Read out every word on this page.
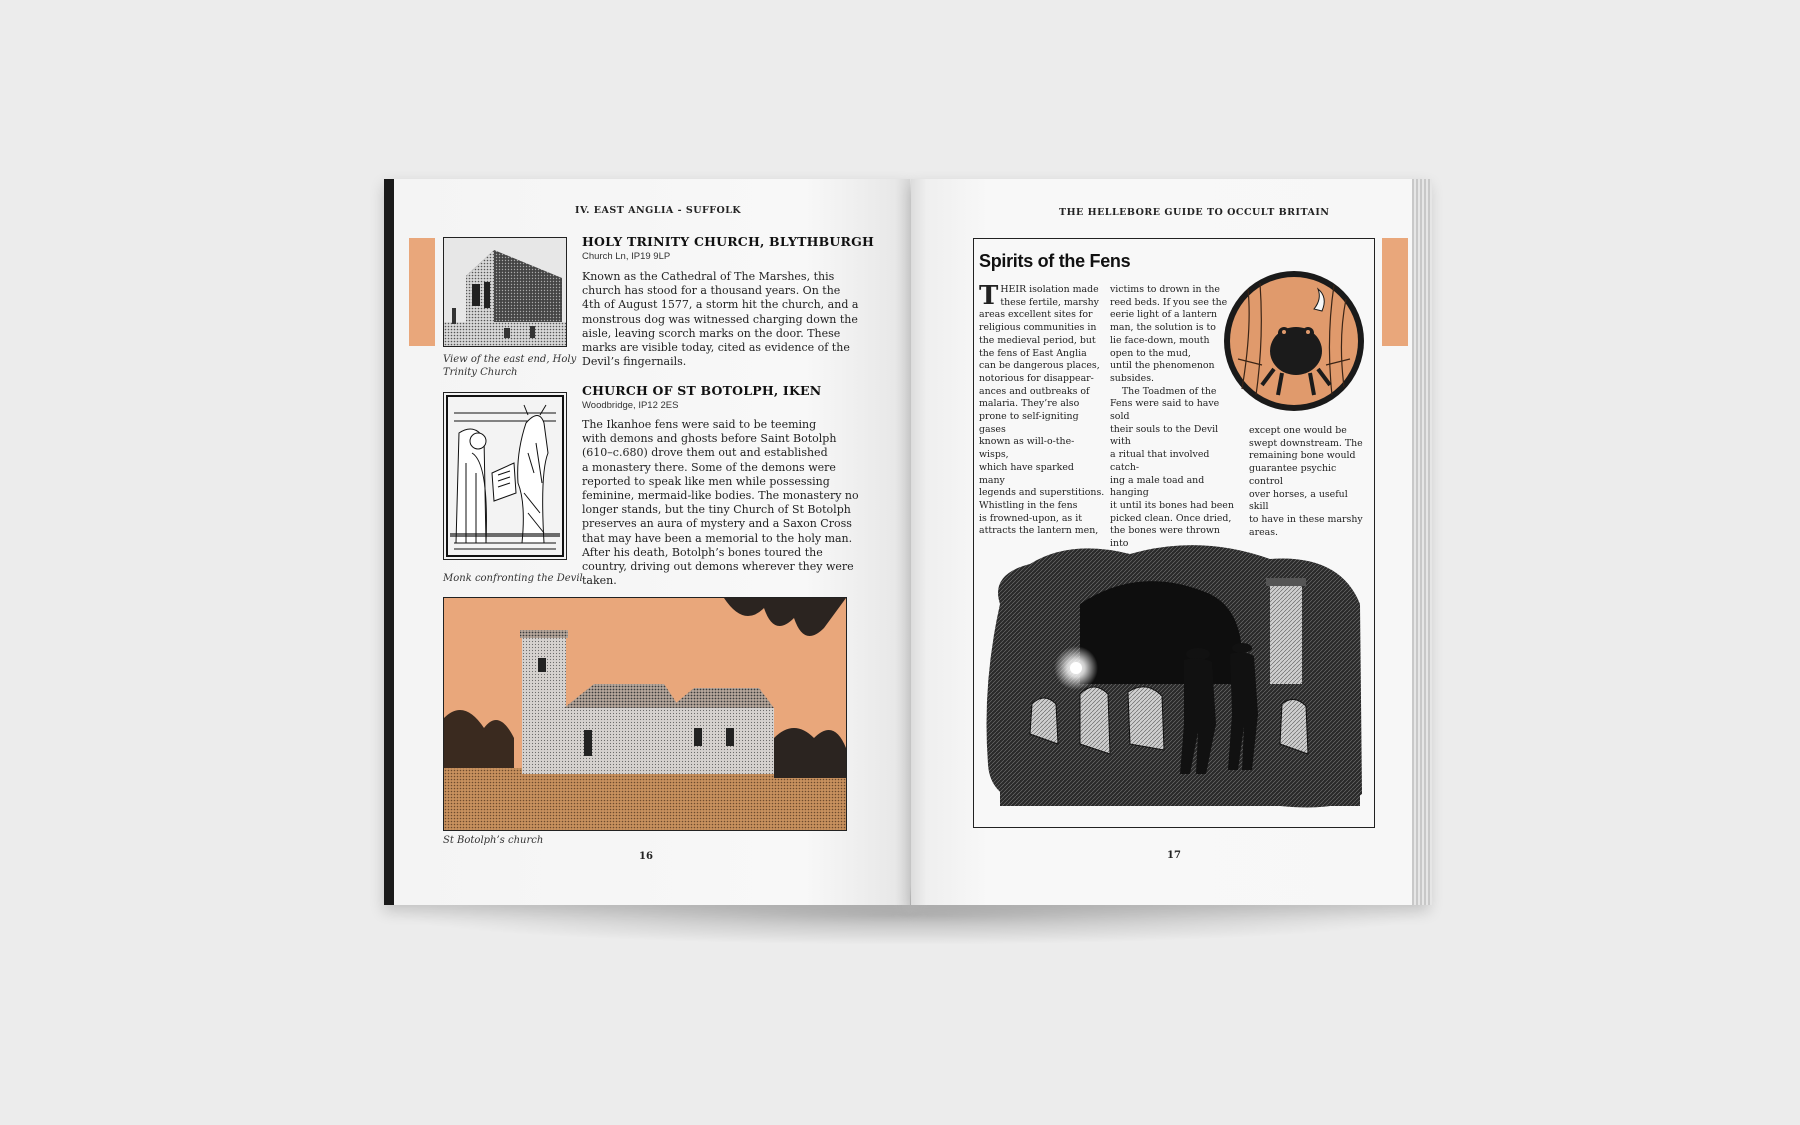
IV. EAST ANGLIA - SUFFOLK
View of the east end, Holy
Trinity Church
HOLY TRINITY CHURCH, BLYTHBURGH
Church Ln, IP19 9LP
Known as the Cathedral of The Marshes, this
church has stood for a thousand years. On the
4th of August 1577, a storm hit the church, and a
monstrous dog was witnessed charging down the
aisle, leaving scorch marks on the door. These
marks are visible today, cited as evidence of the
Devil’s fingernails.
Monk confronting the Devil
CHURCH OF ST BOTOLPH, IKEN
Woodbridge, IP12 2ES
The Ikanhoe fens were said to be teeming
with demons and ghosts before Saint Botolph
(610–c.680) drove them out and established
a monastery there. Some of the demons were
reported to speak like men while possessing
feminine, mermaid-like bodies. The monastery no
longer stands, but the tiny Church of St Botolph
preserves an aura of mystery and a Saxon Cross
that may have been a memorial to the holy man.
After his death, Botolph’s bones toured the
country, driving out demons wherever they were
taken.
St Botolph’s church
16
THE HELLEBORE GUIDE TO OCCULT BRITAIN
Spirits of the Fens
THEIR isolation made
these fertile, marshy
areas excellent sites for
religious communities in
the medieval period, but
the fens of East Anglia
can be dangerous places,
notorious for disappear-
ances and outbreaks of
malaria. They’re also
prone to self-igniting gases
known as will-o-the-wisps,
which have sparked many
legends and superstitions.
Whistling in the fens
is frowned-upon, as it
attracts the lantern men,
victims to drown in the
reed beds. If you see the
eerie light of a lantern
man, the solution is to
lie face-down, mouth
open to the mud,
until the phenomenon
subsides.
The Toadmen of the
Fens were said to have sold
their souls to the Devil with
a ritual that involved catch-
ing a male toad and hanging
it until its bones had been
picked clean. Once dried,
the bones were thrown into
except one would be
swept downstream. The
remaining bone would
guarantee psychic control
over horses, a useful skill
to have in these marshy
areas.
17
